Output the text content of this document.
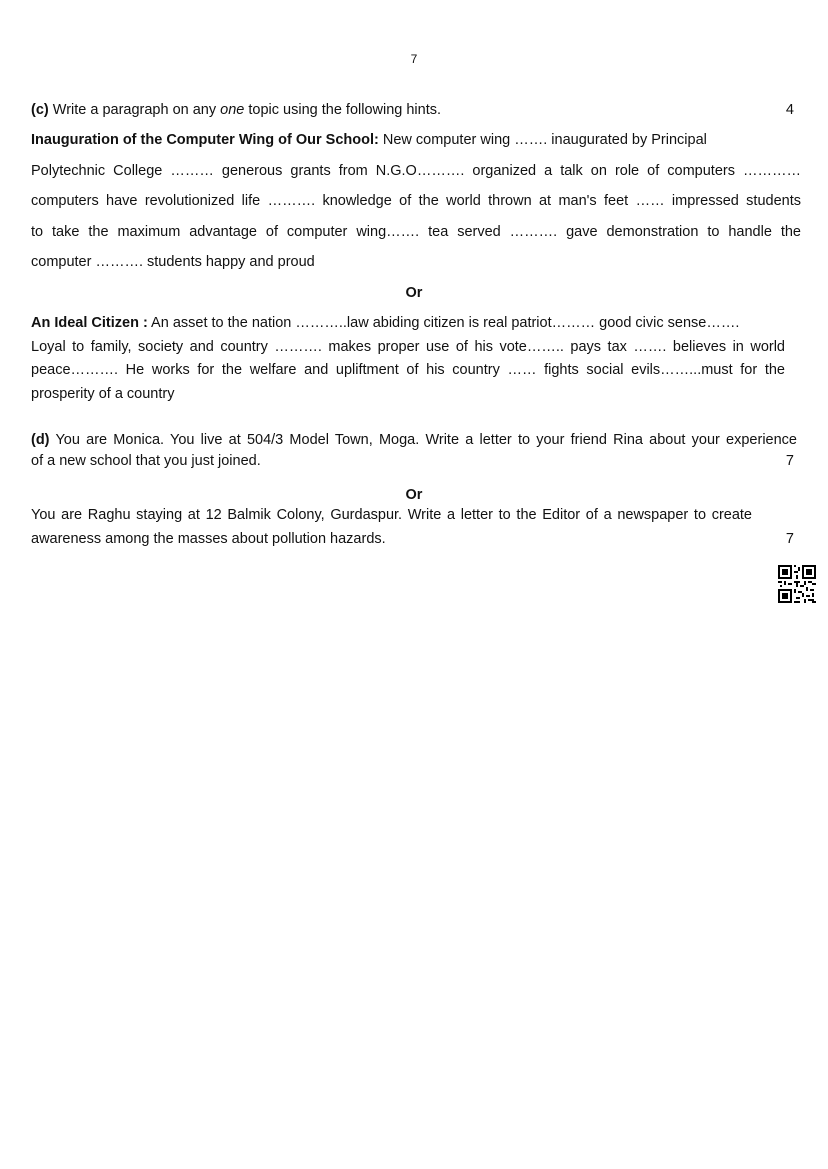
7
(c) Write a paragraph on any one topic using the following hints.	4
Inauguration of the Computer Wing of Our School: New computer wing ……. inaugurated by Principal
Polytechnic College ……… generous grants from N.G.O………. organized a talk on role of computers …………
computers have revolutionized life ………. knowledge of the world thrown at man's feet …… impressed students
to take the maximum advantage of computer wing……. tea served ………. gave demonstration to handle the
computer ………. students happy and proud
Or
An Ideal Citizen : An asset to the nation ………..law abiding citizen is real patriot……… good civic sense…….
Loyal to family, society and country ………. makes proper use of his vote…….. pays tax ……. believes in world
peace………. He works for the welfare and upliftment of his country …… fights social evils……...must for the
prosperity of a country
(d) You are Monica. You live at 504/3 Model Town, Moga. Write a letter to your friend Rina about your experience
of a new school that you just joined.	7
Or
You are Raghu staying at 12 Balmik Colony, Gurdaspur. Write a letter to the Editor of a newspaper to create
awareness among the masses about pollution hazards.	7
